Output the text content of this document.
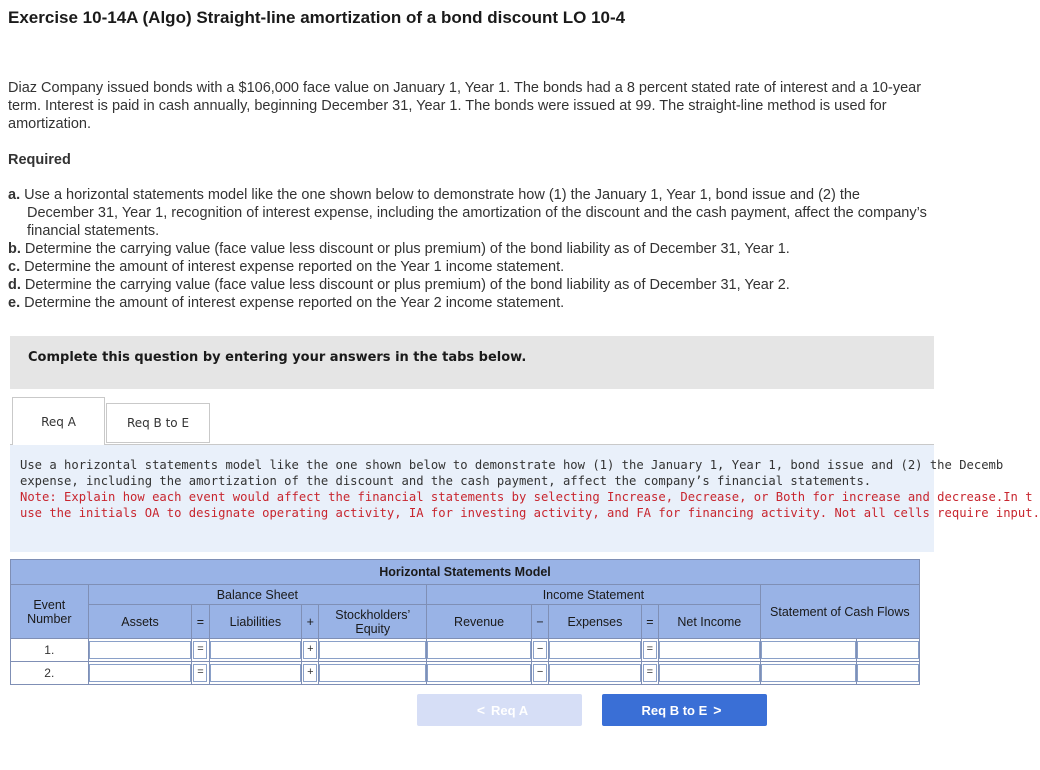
Exercise 10-14A (Algo) Straight-line amortization of a bond discount LO 10-4
Diaz Company issued bonds with a $106,000 face value on January 1, Year 1. The bonds had a 8 percent stated rate of interest and a 10-year term. Interest is paid in cash annually, beginning December 31, Year 1. The bonds were issued at 99. The straight-line method is used for amortization.
Required
a. Use a horizontal statements model like the one shown below to demonstrate how (1) the January 1, Year 1, bond issue and (2) the December 31, Year 1, recognition of interest expense, including the amortization of the discount and the cash payment, affect the company’s financial statements.
b. Determine the carrying value (face value less discount or plus premium) of the bond liability as of December 31, Year 1.
c. Determine the amount of interest expense reported on the Year 1 income statement.
d. Determine the carrying value (face value less discount or plus premium) of the bond liability as of December 31, Year 2.
e. Determine the amount of interest expense reported on the Year 2 income statement.
Complete this question by entering your answers in the tabs below.
Req A	Req B to E
Use a horizontal statements model like the one shown below to demonstrate how (1) the January 1, Year 1, bond issue and (2) the Decemb
expense, including the amortization of the discount and the cash payment, affect the company’s financial statements.
Note: Explain how each event would affect the financial statements by selecting Increase, Decrease, or Both for increase and decrease.In t
use the initials OA to designate operating activity, IA for investing activity, and FA for financing activity. Not all cells require input.
Horizontal Statements Model												
Event Number	Balance Sheet					Income Statement					Statement of Cash Flows	
	Assets	=	Liabilities	+	Stockholders’ Equity	Revenue	−	Expenses	=	Net Income		
1.		=		+			−		=	

2.		=		+			−		=	

< Req A	Req B to E >
